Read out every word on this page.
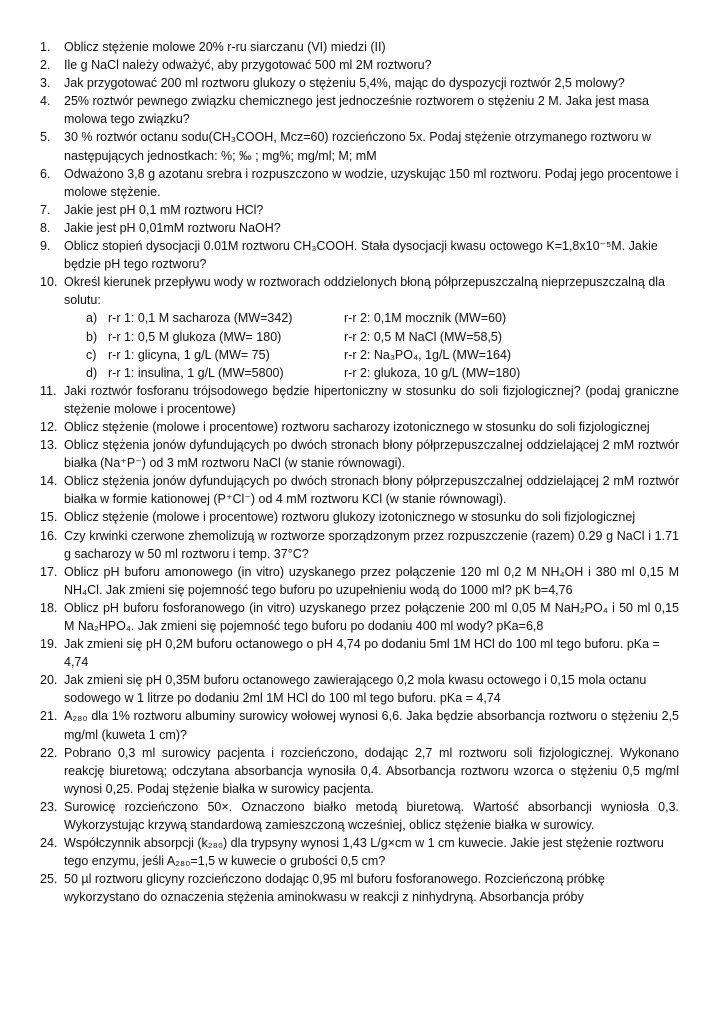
1.	Oblicz stężenie molowe 20% r-ru siarczanu (VI) miedzi (II)
2.	Ile g NaCl należy odważyć, aby przygotować 500 ml 2M roztworu?
3.	Jak przygotować 200 ml roztworu glukozy o stężeniu 5,4%, mając do dyspozycji roztwór 2,5 molowy?
4.	25% roztwór pewnego związku chemicznego jest jednocześnie roztworem o stężeniu 2 M. Jaka jest masa molowa tego związku?
5.	30 % roztwór octanu sodu(CH₃COOH, Mcz=60) rozcieńczono 5x. Podaj stężenie otrzymanego roztworu w następujących jednostkach: %; ‰ ; mg%; mg/ml; M; mM
6.	Odważono 3,8 g azotanu srebra i rozpuszczono w wodzie, uzyskując 150 ml roztworu. Podaj jego procentowe i molowe stężenie.
7.	Jakie jest pH 0,1 mM roztworu HCl?
8.	Jakie jest pH 0,01mM roztworu NaOH?
9.	Oblicz stopień dysocjacji 0.01M roztworu CH₃COOH. Stała dysocjacji kwasu octowego K=1,8x10⁻⁵M. Jakie będzie pH tego roztworu?
10. Określ kierunek przepływu wody w roztworach oddzielonych błoną półprzepuszczalną nieprzepuszczalną dla solutu:
a) r-r 1: 0,1 M sacharoza (MW=342)	r-r 2: 0,1M mocznik (MW=60)
b) r-r 1: 0,5 M glukoza (MW= 180)	r-r 2: 0,5 M NaCl (MW=58,5)
c) r-r 1: glicyna, 1 g/L (MW= 75)	r-r 2: Na₃PO₄, 1g/L (MW=164)
d) r-r 1: insulina, 1 g/L (MW=5800)	r-r 2: glukoza, 10 g/L (MW=180)
11. Jaki roztwór fosforanu trójsodowego będzie hipertoniczny w stosunku do soli fizjologicznej? (podaj graniczne stężenie molowe i procentowe)
12. Oblicz stężenie (molowe i procentowe) roztworu sacharozy izotonicznego w stosunku do soli fizjologicznej
13. Oblicz stężenia jonów dyfundujących po dwóch stronach błony półprzepuszczalnej oddzielającej 2 mM roztwór białka (Na⁺P⁻) od 3 mM roztworu NaCl (w stanie równowagi).
14. Oblicz stężenia jonów dyfundujących po dwóch stronach błony półprzepuszczalnej oddzielającej 2 mM roztwór białka w formie kationowej (P⁺Cl⁻) od 4 mM roztworu KCl (w stanie równowagi).
15. Oblicz stężenie (molowe i procentowe) roztworu glukozy izotonicznego w stosunku do soli fizjologicznej
16. Czy krwinki czerwone zhemolizują w roztworze sporządzonym przez rozpuszczenie (razem) 0.29 g NaCl i 1.71 g sacharozy w 50 ml roztworu i temp. 37°C?
17. Oblicz pH buforu amonowego (in vitro) uzyskanego przez połączenie 120 ml 0,2 M NH₄OH i 380 ml 0,15 M NH₄Cl. Jak zmieni się pojemność tego buforu po uzupełnieniu wodą do 1000 ml? pK b=4,76
18. Oblicz pH buforu fosforanowego (in vitro) uzyskanego przez połączenie 200 ml 0,05 M NaH₂PO₄ i 50 ml 0,15 M Na₂HPO₄. Jak zmieni się pojemność tego buforu po dodaniu 400 ml wody? pKa=6,8
19. Jak zmieni się pH 0,2M buforu octanowego o pH 4,74 po dodaniu 5ml 1M HCl do 100 ml tego buforu. pKa = 4,74
20. Jak zmieni się pH 0,35M buforu octanowego zawierającego 0,2 mola kwasu octowego i 0,15 mola octanu sodowego w 1 litrze po dodaniu 2ml 1M HCl do 100 ml tego buforu. pKa = 4,74
21. A₂₈₀ dla 1% roztworu albuminy surowicy wołowej wynosi 6,6. Jaka będzie absorbancja roztworu o stężeniu 2,5 mg/ml (kuweta 1 cm)?
22. Pobrano 0,3 ml surowicy pacjenta i rozcieńczono, dodając 2,7 ml roztworu soli fizjologicznej. Wykonano reakcję biuretową; odczytana absorbancja wynosiła 0,4. Absorbancja roztworu wzorca o stężeniu 0,5 mg/ml wynosi 0,25. Podaj stężenie białka w surowicy pacjenta.
23. Surowicę rozcieńczono 50×. Oznaczono białko metodą biuretową. Wartość absorbancji wyniosła 0,3. Wykorzystując krzywą standardową zamieszczoną wcześniej, oblicz stężenie białka w surowicy.
24. Współczynnik absorpcji (k₂₈₀) dla trypsyny wynosi 1,43 L/g×cm w 1 cm kuwecie. Jakie jest stężenie roztworu tego enzymu, jeśli A₂₈₀=1,5 w kuwecie o grubości 0,5 cm?
25. 50 µl roztworu glicyny rozcieńczono dodając 0,95 ml buforu fosforanowego. Rozcieńczoną próbkę wykorzystano do oznaczenia stężenia aminokwasu w reakcji z ninhydryną. Absorbancja próby
